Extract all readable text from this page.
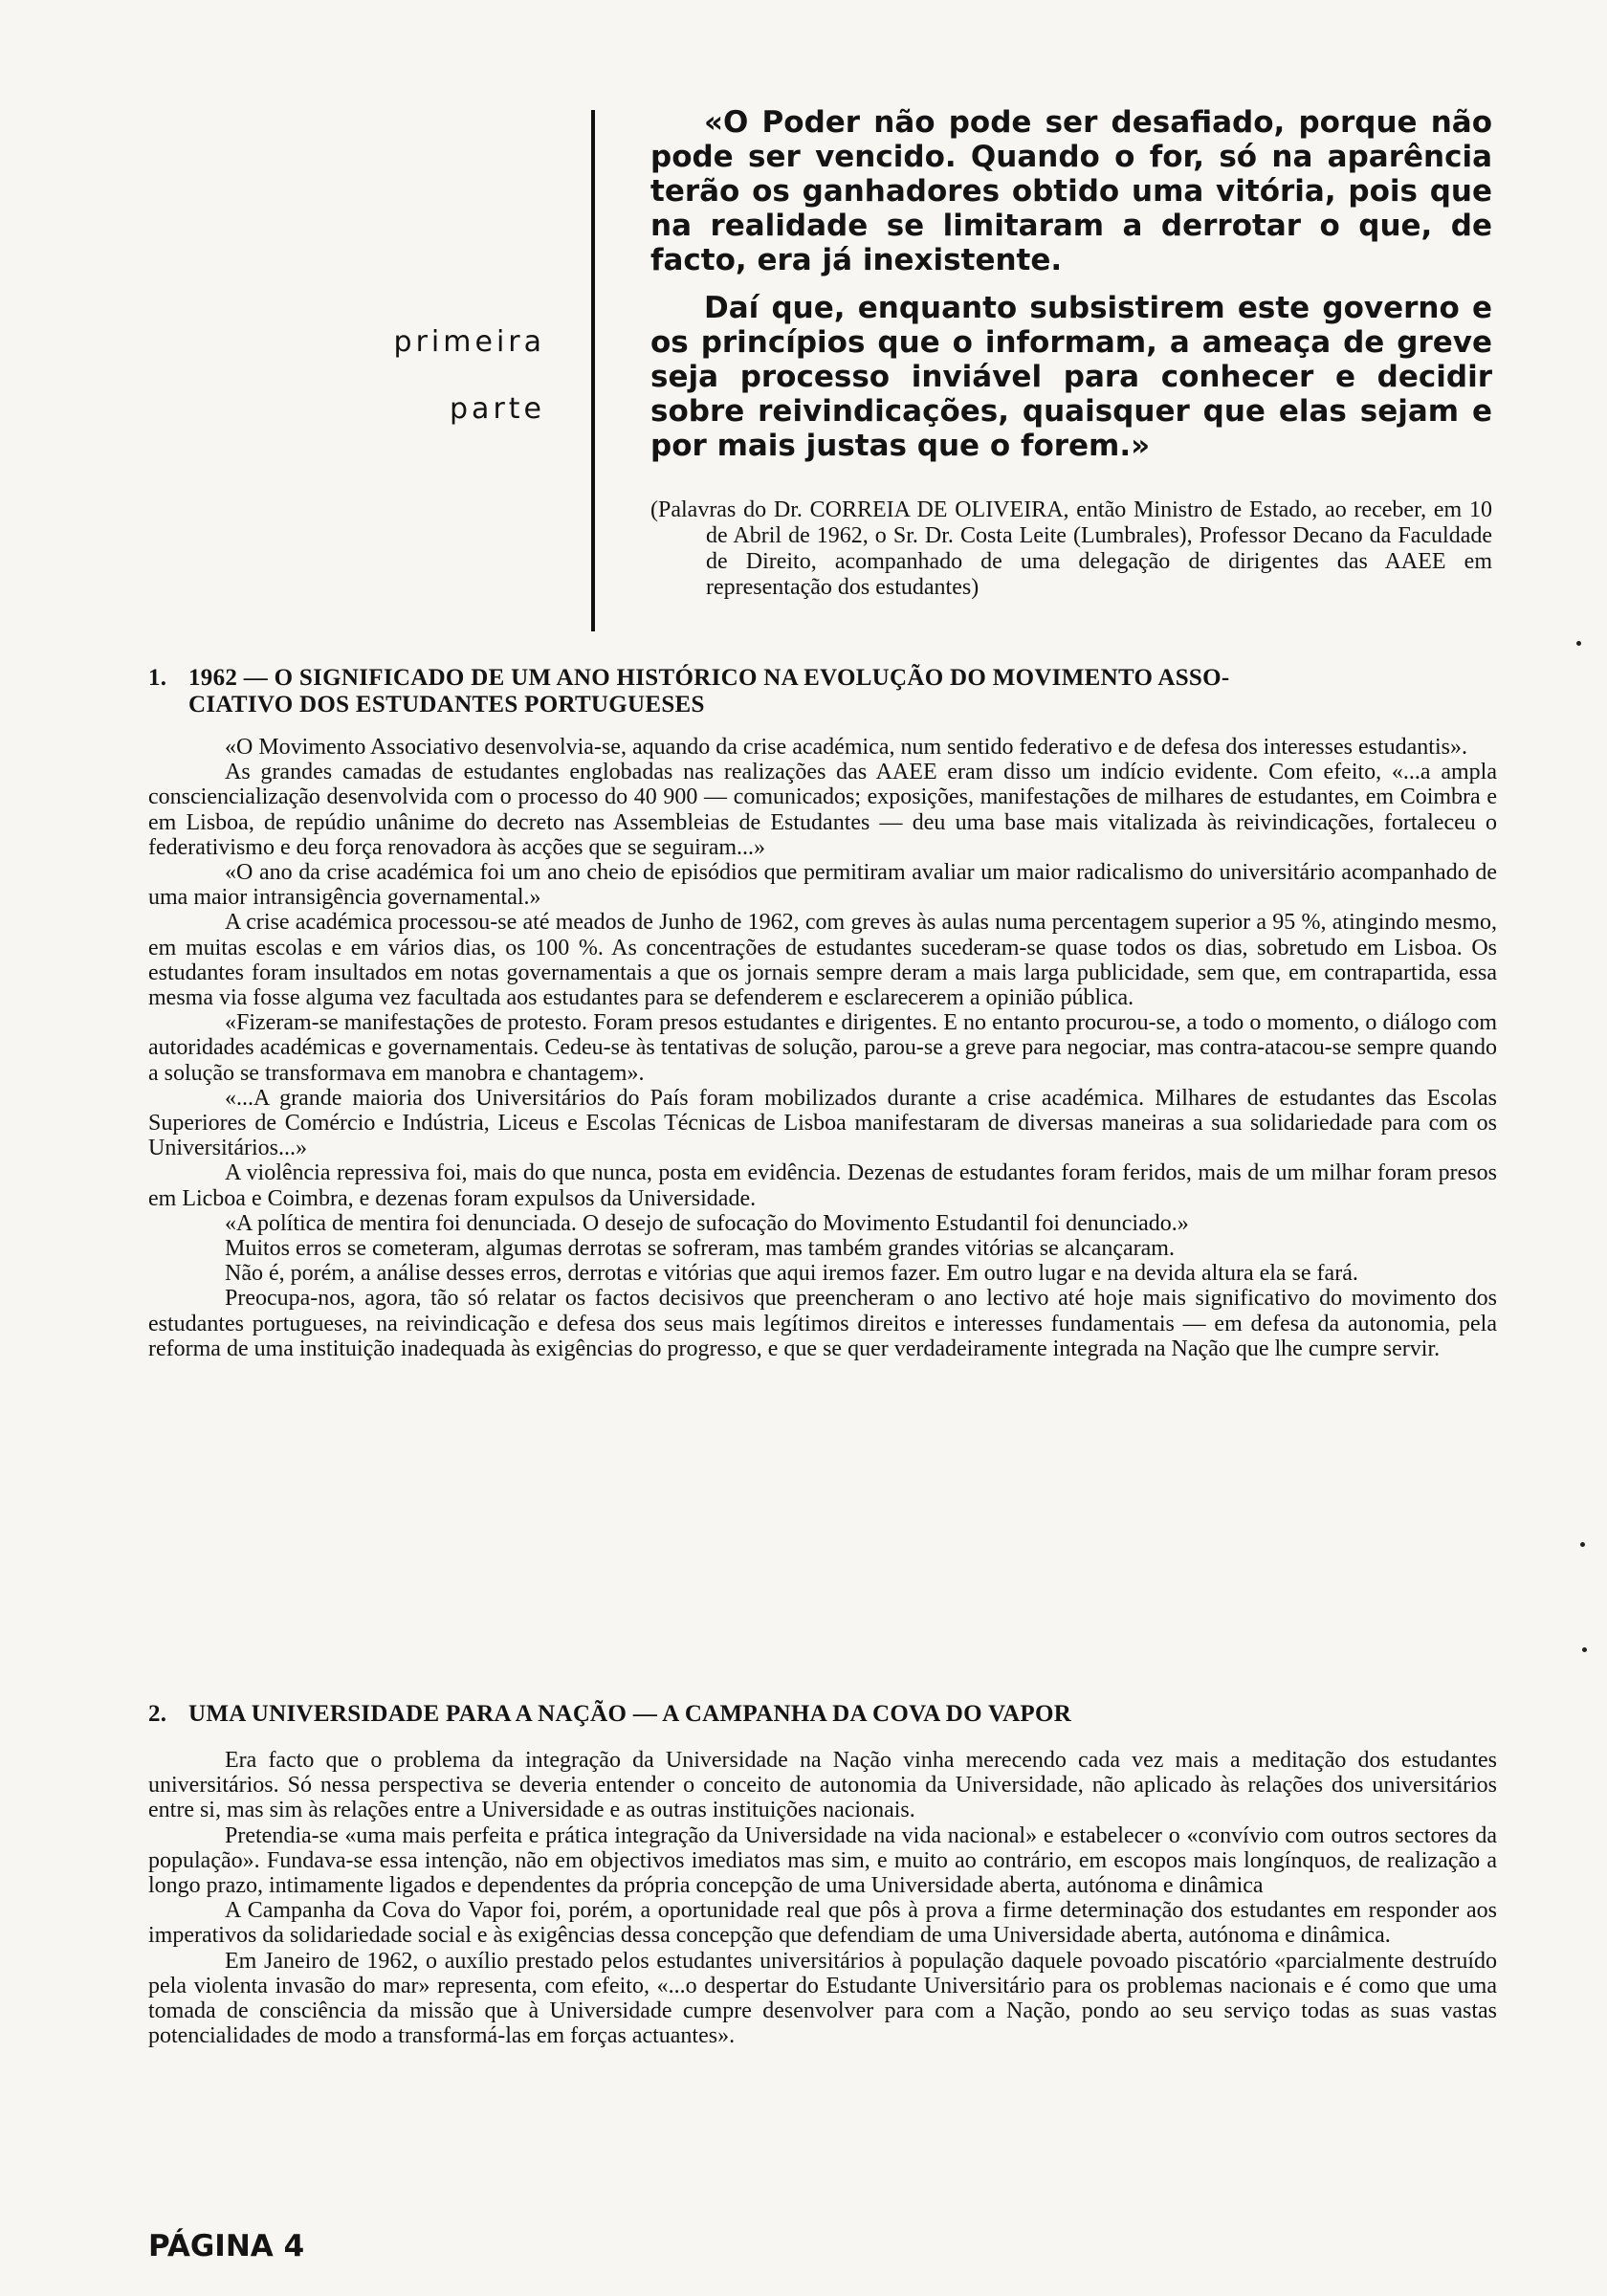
primeira
parte

«O Poder não pode ser desafiado, porque não pode ser vencido. Quando o for, só na aparência terão os ganhadores obtido uma vitória, pois que na realidade se limitaram a derrotar o que, de facto, era já inexistente.

Daí que, enquanto subsistirem este governo e os princípios que o informam, a ameaça de greve seja processo inviável para conhecer e decidir sobre reivindicações, quaisquer que elas sejam e por mais justas que o forem.»

(Palavras do Dr. CORREIA DE OLIVEIRA, então Ministro de Estado, ao receber, em 10 de Abril de 1962, o Sr. Dr. Costa Leite (Lumbrales), Professor Decano da Faculdade de Direito, acompanhado de uma delegação de dirigentes das AAEE em representação dos estudantes)
1. 1962 — O SIGNIFICADO DE UM ANO HISTÓRICO NA EVOLUÇÃO DO MOVIMENTO ASSO-
CIATIVO DOS ESTUDANTES PORTUGUESES

«O Movimento Associativo desenvolvia-se, aquando da crise académica, num sentido federativo e de defesa dos interesses estudantis».

As grandes camadas de estudantes englobadas nas realizações das AAEE eram disso um indício evidente. Com efeito, «...a ampla consciencialização desenvolvida com o processo do 40 900 — comunicados; exposições, manifestações de milhares de estudantes, em Coimbra e em Lisboa, de repúdio unânime do decreto nas Assembleias de Estudantes — deu uma base mais vitalizada às reivindicações, fortaleceu o federativismo e deu força renovadora às acções que se seguiram...»

«O ano da crise académica foi um ano cheio de episódios que permitiram avaliar um maior radicalismo do universitário acompanhado de uma maior intransigência governamental.»

A crise académica processou-se até meados de Junho de 1962, com greves às aulas numa percentagem superior a 95 %, atingindo mesmo, em muitas escolas e em vários dias, os 100 %. As concentrações de estudantes sucederam-se quase todos os dias, sobretudo em Lisboa. Os estudantes foram insultados em notas governamentais a que os jornais sempre deram a mais larga publicidade, sem que, em contrapartida, essa mesma via fosse alguma vez facultada aos estudantes para se defenderem e esclarecerem a opinião pública.

«Fizeram-se manifestações de protesto. Foram presos estudantes e dirigentes. E no entanto procurou-se, a todo o momento, o diálogo com autoridades académicas e governamentais. Cedeu-se às tentativas de solução, parou-se a greve para negociar, mas contra-atacou-se sempre quando a solução se transformava em manobra e chantagem».

«...A grande maioria dos Universitários do País foram mobilizados durante a crise académica. Milhares de estudantes das Escolas Superiores de Comércio e Indústria, Liceus e Escolas Técnicas de Lisboa manifestaram de diversas maneiras a sua solidariedade para com os Universitários...»

A violência repressiva foi, mais do que nunca, posta em evidência. Dezenas de estudantes foram feridos, mais de um milhar foram presos em Licboa e Coimbra, e dezenas foram expulsos da Universidade.

«A política de mentira foi denunciada. O desejo de sufocação do Movimento Estudantil foi denunciado.»

Muitos erros se cometeram, algumas derrotas se sofreram, mas também grandes vitórias se alcançaram.

Não é, porém, a análise desses erros, derrotas e vitórias que aqui iremos fazer. Em outro lugar e na devida altura ela se fará.

Preocupa-nos, agora, tão só relatar os factos decisivos que preencheram o ano lectivo até hoje mais significativo do movimento dos estudantes portugueses, na reivindicação e defesa dos seus mais legítimos direitos e interesses fundamentais — em defesa da autonomia, pela reforma de uma instituição inadequada às exigências do progresso, e que se quer verdadeiramente integrada na Nação que lhe cumpre servir.

2. UMA UNIVERSIDADE PARA A NAÇÃO — A CAMPANHA DA COVA DO VAPOR

Era facto que o problema da integração da Universidade na Nação vinha merecendo cada vez mais a meditação dos estudantes universitários. Só nessa perspectiva se deveria entender o conceito de autonomia da Universidade, não aplicado às relações dos universitários entre si, mas sim às relações entre a Universidade e as outras instituições nacionais.

Pretendia-se «uma mais perfeita e prática integração da Universidade na vida nacional» e estabelecer o «convívio com outros sectores da população». Fundava-se essa intenção, não em objectivos imediatos mas sim, e muito ao contrário, em escopos mais longínquos, de realização a longo prazo, intimamente ligados e dependentes da própria concepção de uma Universidade aberta, autónoma e dinâmica

A Campanha da Cova do Vapor foi, porém, a oportunidade real que pôs à prova a firme determinação dos estudantes em responder aos imperativos da solidariedade social e às exigências dessa concepção que defendiam de uma Universidade aberta, autónoma e dinâmica.

Em Janeiro de 1962, o auxílio prestado pelos estudantes universitários à população daquele povoado piscatório «parcialmente destruído pela violenta invasão do mar» representa, com efeito, «...o despertar do Estudante Universitário para os problemas nacionais e é como que uma tomada de consciência da missão que à Universidade cumpre desenvolver para com a Nação, pondo ao seu serviço todas as suas vastas potencialidades de modo a transformá-las em forças actuantes».

PÁGINA 4
